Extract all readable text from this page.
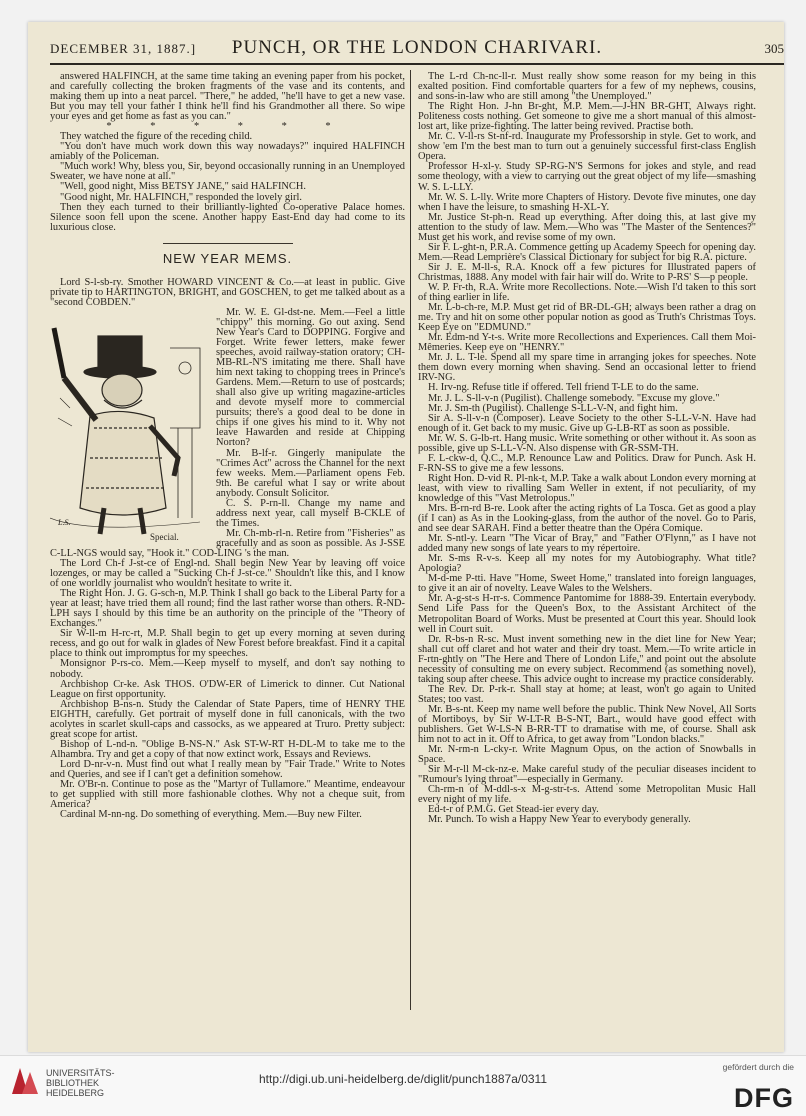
DECEMBER 31, 1887.]	PUNCH, OR THE LONDON CHARIVARI.	305

answered HALFINCH, at the same time taking an evening paper from his pocket, and carefully collecting the broken fragments of the vase and its contents, and making them up into a neat parcel. "There," he added, "he'll have to get a new vase. But you may tell your father I think he'll find his Grandmother all there. So wipe your eyes and get home as fast as you can."

* * * * * *

They watched the figure of the receding child.

"You don't have much work down this way nowadays?" inquired HALFINCH amiably of the Policeman.

"Much work! Why, bless you, Sir, beyond occasionally running in an Unemployed Sweater, we have none at all."

"Well, good night, Miss BETSY JANE," said HALFINCH.

"Good night, Mr. HALFINCH," responded the lovely girl.

Then they each turned to their brilliantly-lighted Co-operative Palace homes. Silence soon fell upon the scene. Another happy East-End day had come to its luxurious close.

NEW YEAR MEMS.

Lord S-l-sb-ry. Smother HOWARD VINCENT & Co.—at least in public. Give private tip to HARTINGTON, BRIGHT, and GOSCHEN, to get me talked about as a "second COBDEN."

L.S.
Special.

Mr. W. E. Gl-dst-ne. Mem.—Feel a little "chippy" this morning. Go out axing. Send New Year's Card to DOPPING. Forgive and Forget. Write fewer letters, make fewer speeches, avoid railway-station oratory; CH-MB-RL-N'S imitating me there. Shall have him next taking to chopping trees in Prince's Gardens. Mem.—Return to use of postcards; shall also give up writing magazine-articles and devote myself more to commercial pursuits; there's a good deal to be done in chips if one gives his mind to it. Why not leave Hawarden and reside at Chipping Norton?

Mr. B-lf-r. Gingerly manipulate the "Crimes Act" across the Channel for the next few weeks. Mem.—Parliament opens Feb. 9th. Be careful what I say or write about anybody. Consult Solicitor.

C. S. P-rn-ll. Change my name and address next year, call myself B-CKLE of the Times.

Mr. Ch-mb-rl-n. Retire from "Fisheries" as gracefully and as soon as possible. As J-SSE C-LL-NGS would say, "Hook it." COD-LING 's the man.

The Lord Ch-f J-st-ce of Engl-nd. Shall begin New Year by leaving off voice lozenges, or may be called a "Sucking Ch-f J-st-ce." Shouldn't like this, and I know of one worldly journalist who wouldn't hesitate to write it.

The Right Hon. J. G. G-sch-n, M.P. Think I shall go back to the Liberal Party for a year at least; have tried them all round; find the last rather worse than others. R-ND-LPH says I should by this time be an authority on the principle of the "Theory of Exchanges."

Sir W-ll-m H-rc-rt, M.P. Shall begin to get up every morning at seven during recess, and go out for walk in glades of New Forest before breakfast. Find it a capital place to think out impromptus for my speeches.

Monsignor P-rs-co. Mem.—Keep myself to myself, and don't say nothing to nobody.

Archbishop Cr-ke. Ask THOS. O'DW-ER of Limerick to dinner. Cut National League on first opportunity.

Archbishop B-ns-n. Study the Calendar of State Papers, time of HENRY THE EIGHTH, carefully. Get portrait of myself done in full canonicals, with the two acolytes in scarlet skull-caps and cassocks, as we appeared at Truro. Pretty subject: great scope for artist.

Bishop of L-nd-n. "Oblige B-NS-N." Ask ST-W-RT H-DL-M to take me to the Alhambra. Try and get a copy of that now extinct work, Essays and Reviews.

Lord D-nr-v-n. Must find out what I really mean by "Fair Trade." Write to Notes and Queries, and see if I can't get a definition somehow.

Mr. O'Br-n. Continue to pose as the "Martyr of Tullamore." Meantime, endeavour to get supplied with still more fashionable clothes. Why not a cheque suit, from America?

Cardinal M-nn-ng. Do something of everything. Mem.—Buy new Filter.

The L-rd Ch-nc-ll-r. Must really show some reason for my being in this exalted position. Find comfortable quarters for a few of my nephews, cousins, and sons-in-law who are still among "the Unemployed."

The Right Hon. J-hn Br-ght, M.P. Mem.—J-HN BR-GHT, Always right. Politeness costs nothing. Get someone to give me a short manual of this almost-lost art, like prize-fighting. The latter being revived. Practise both.

Mr. C. V-ll-rs St-nf-rd. Inaugurate my Professorship in style. Get to work, and show 'em I'm the best man to turn out a genuinely successful first-class English Opera.

Professor H-xl-y. Study SP-RG-N'S Sermons for jokes and style, and read some theology, with a view to carrying out the great object of my life—smashing W. S. L-LLY.

Mr. W. S. L-lly. Write more Chapters of History. Devote five minutes, one day when I have the leisure, to smashing H-XL-Y.

Mr. Justice St-ph-n. Read up everything. After doing this, at last give my attention to the study of law. Mem.—Who was "The Master of the Sentences?" Must get his work, and revise some of my own.

Sir F. L-ght-n, P.R.A. Commence getting up Academy Speech for opening day. Mem.—Read Lemprière's Classical Dictionary for subject for big R.A. picture.

Sir J. E. M-ll-s, R.A. Knock off a few pictures for Illustrated papers of Christmas, 1888. Any model with fair hair will do. Write to P-RS' S—p people.

W. P. Fr-th, R.A. Write more Recollections. Note.—Wish I'd taken to this sort of thing earlier in life.

Mr. L-b-ch-re, M.P. Must get rid of BR-DL-GH; always been rather a drag on me. Try and hit on some other popular notion as good as Truth's Christmas Toys. Keep Eye on "EDMUND."

Mr. Edm-nd Y-t-s. Write more Recollections and Experiences. Call them Moi-Mêmeries. Keep eye on "HENRY."

Mr. J. L. T-le. Spend all my spare time in arranging jokes for speeches. Note them down every morning when shaving. Send an occasional letter to friend IRV-NG.

H. Irv-ng. Refuse title if offered. Tell friend T-LE to do the same.

Mr. J. L. S-ll-v-n (Pugilist). Challenge somebody. "Excuse my glove."

Mr. J. Sm-th (Pugilist). Challenge S-LL-V-N, and fight him.

Sir A. S-ll-v-n (Composer). Leave Society to the other S-LL-V-N. Have had enough of it. Get back to my music. Give up G-LB-RT as soon as possible.

Mr. W. S. G-lb-rt. Hang music. Write something or other without it. As soon as possible, give up S-LL-V-N. Also dispense with GR-SSM-TH.

F. L-ckw-d, Q.C., M.P. Renounce Law and Politics. Draw for Punch. Ask H. F-RN-SS to give me a few lessons.

Right Hon. D-vid R. Pl-nk-t, M.P. Take a walk about London every morning at least, with view to rivalling Sam Weller in extent, if not peculiarity, of my knowledge of this "Vast Metrolopus."

Mrs. B-rn-rd B-re. Look after the acting rights of La Tosca. Get as good a play (if I can) as As in the Looking-glass, from the author of the novel. Go to Paris, and see dear SARAH. Find a better theatre than the Opéra Comique.

Mr. S-ntl-y. Learn "The Vicar of Bray," and "Father O'Flynn," as I have not added many new songs of late years to my répertoire.

Mr. S-ms R-v-s. Keep all my notes for my Autobiography. What title? Apologia?

M-d-me P-tti. Have "Home, Sweet Home," translated into foreign languages, to give it an air of novelty. Leave Wales to the Welshers.

Mr. A-g-st-s H-rr-s. Commence Pantomime for 1888-39. Entertain everybody. Send Life Pass for the Queen's Box, to the Assistant Architect of the Metropolitan Board of Works. Must be presented at Court this year. Should look well in Court suit.

Dr. R-bs-n R-sc. Must invent something new in the diet line for New Year; shall cut off claret and hot water and their dry toast. Mem.—To write article in F-rtn-ghtly on "The Here and There of London Life," and point out the absolute necessity of consulting me on every subject. Recommend (as something novel), taking soup after cheese. This advice ought to increase my practice considerably.

The Rev. Dr. P-rk-r. Shall stay at home; at least, won't go again to United States; too vast.

Mr. B-s-nt. Keep my name well before the public. Think New Novel, All Sorts of Mortiboys, by Sir W-LT-R B-S-NT, Bart., would have good effect with publishers. Get W-LS-N B-RR-TT to dramatise with me, of course. Shall ask him not to act in it. Off to Africa, to get away from "London blacks."

Mr. N-rm-n L-cky-r. Write Magnum Opus, on the action of Snowballs in Space.

Sir M-r-ll M-ck-nz-e. Make careful study of the peculiar diseases incident to "Rumour's lying throat"—especially in Germany.

Ch-rm-n of M-ddl-s-x M-g-str-t-s. Attend some Metropolitan Music Hall every night of my life.

Ed-t-r of P.M.G. Get Stead-ier every day.

Mr. Punch. To wish a Happy New Year to everybody generally.

UNIVERSITÄTS-
BIBLIOTHEK
HEIDELBERG
http://digi.ub.uni-heidelberg.de/diglit/punch1887a/0311
gefördert durch die
DFG
